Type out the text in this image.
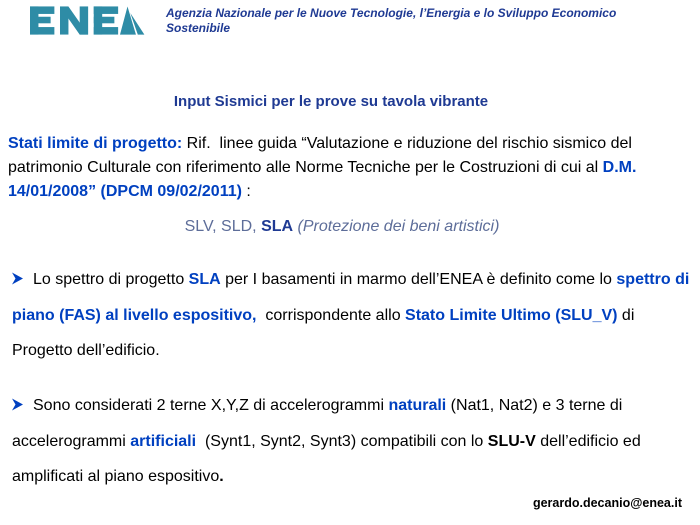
Agenzia Nazionale per le Nuove Tecnologie, l’Energia e lo Sviluppo Economico Sostenibile
Input Sismici per le prove su tavola vibrante

Stati limite di progetto: Rif.  linee guida “Valutazione e riduzione del rischio sismico del patrimonio Culturale con riferimento alle Norme Tecniche per le Costruzioni di cui al D.M. 14/01/2008” (DPCM 09/02/2011) :

SLV, SLD, SLA (Protezione dei beni artistici)

Lo spettro di progetto SLA per I basamenti in marmo dell’ENEA è definito come lo spettro di piano (FAS) al livello espositivo,  corrispondente allo Stato Limite Ultimo (SLU_V) di Progetto dell’edificio.

Sono considerati 2 terne X,Y,Z di accelerogrammi naturali (Nat1, Nat2) e 3 terne di accelerogrammi artificiali  (Synt1, Synt2, Synt3) compatibili con lo SLU-V dell’edificio ed amplificati al piano espositivo.

gerardo.decanio@enea.it
